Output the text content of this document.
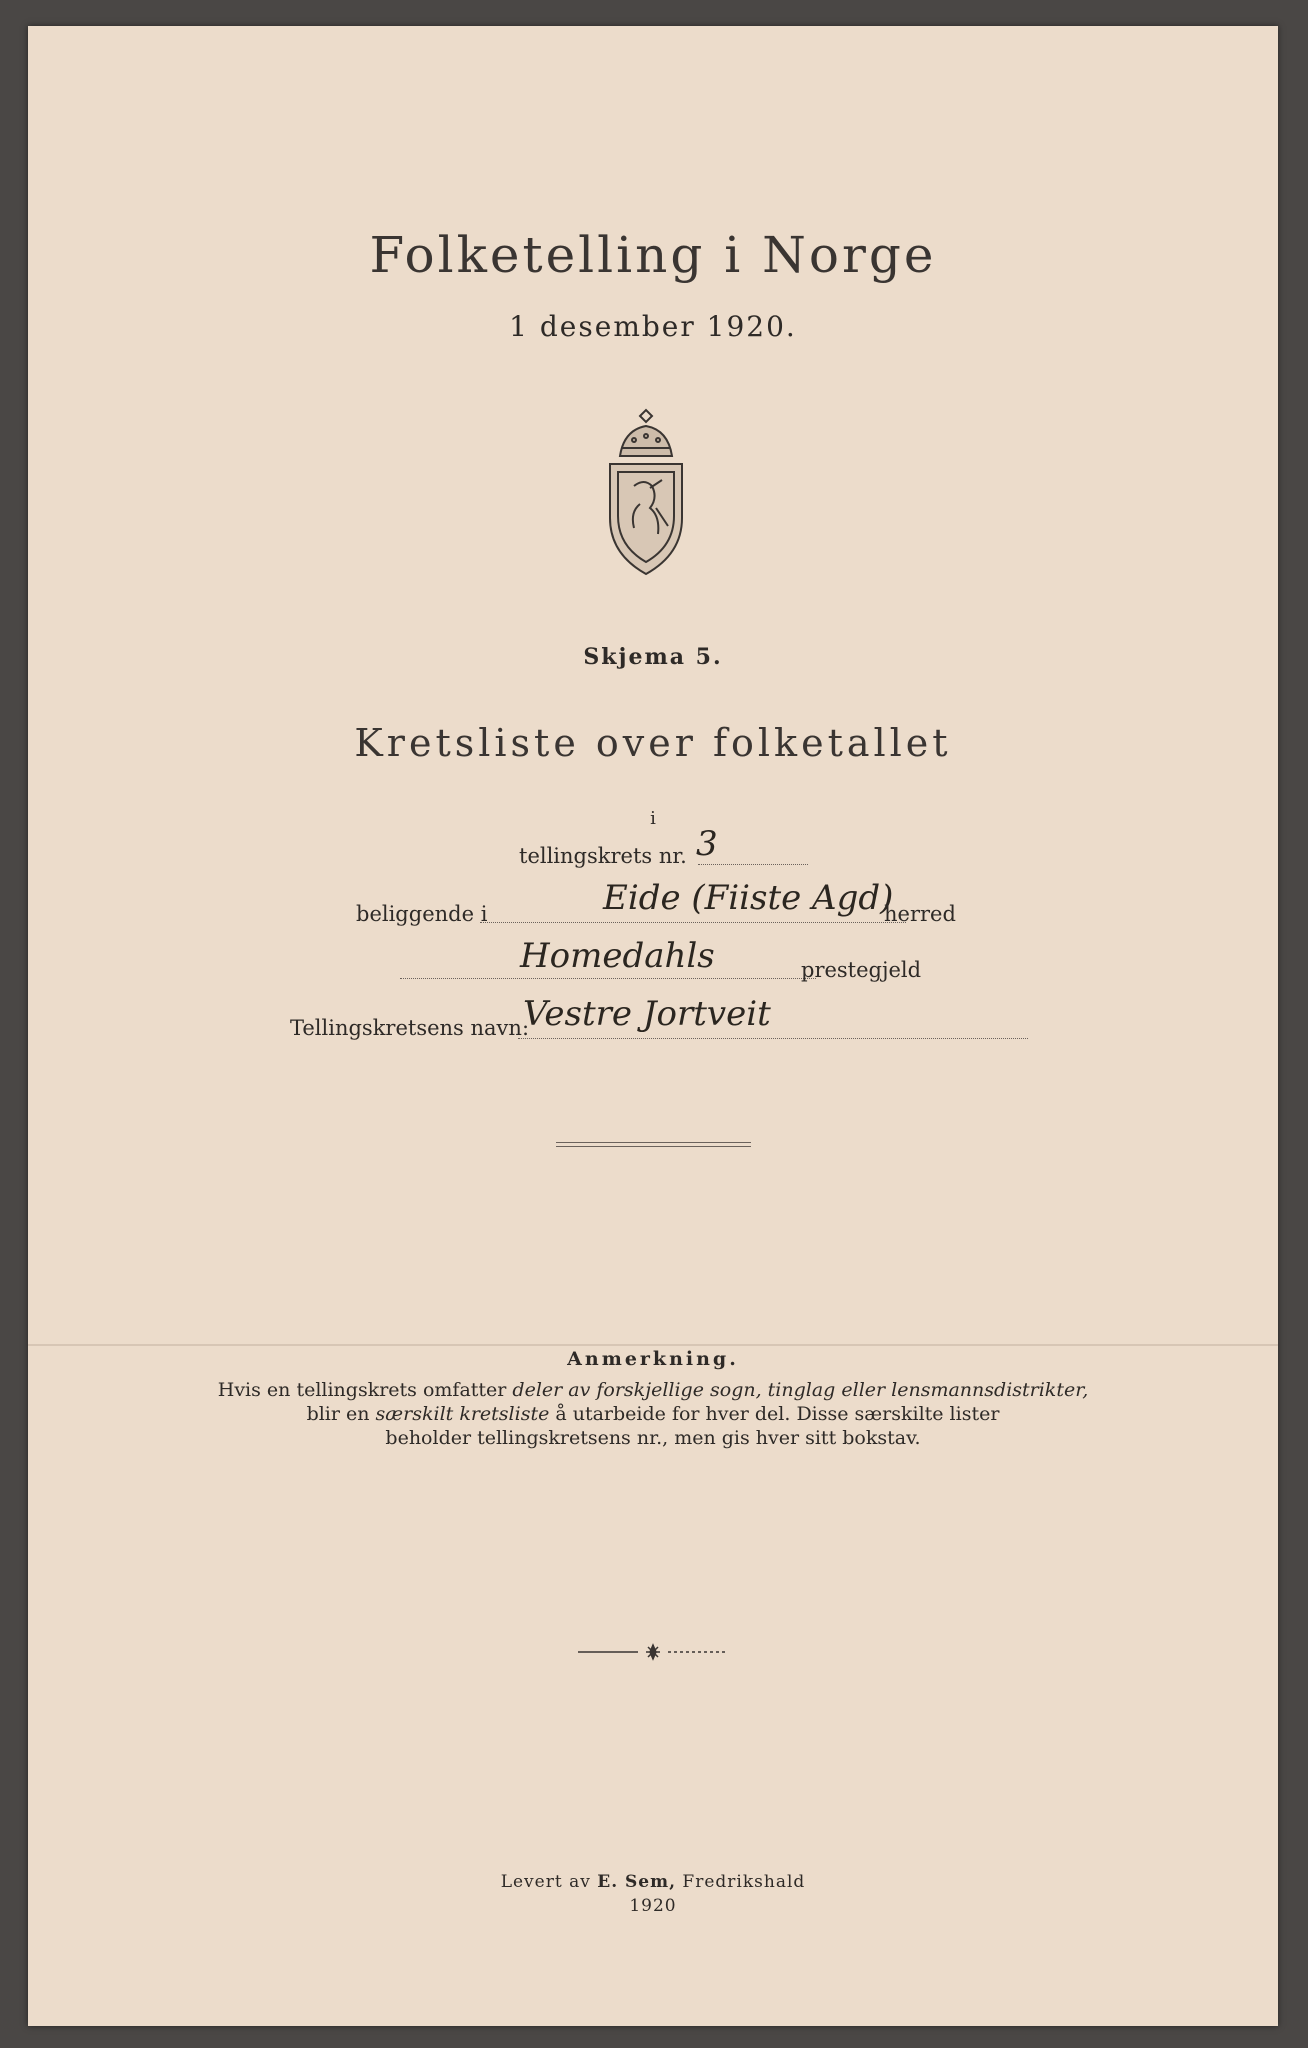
Folketelling i Norge
1 desember 1920.
Skjema 5.
Kretsliste over folketallet
i
tellingskrets nr. 3
beliggende i	Eide (Fiiste Agd)
herred
Homedahls	prestegjeld
Tellingskretsens navn:
Vestre Jortveit
Anmerkning.
Hvis en tellingskrets omfatter deler av forskjellige sogn, tinglag eller lensmannsdistrikter,
blir en særskilt kretsliste å utarbeide for hver del. Disse særskilte lister
beholder tellingskretsens nr., men gis hver sitt bokstav.
Levert av E. Sem, Fredrikshald
1920
